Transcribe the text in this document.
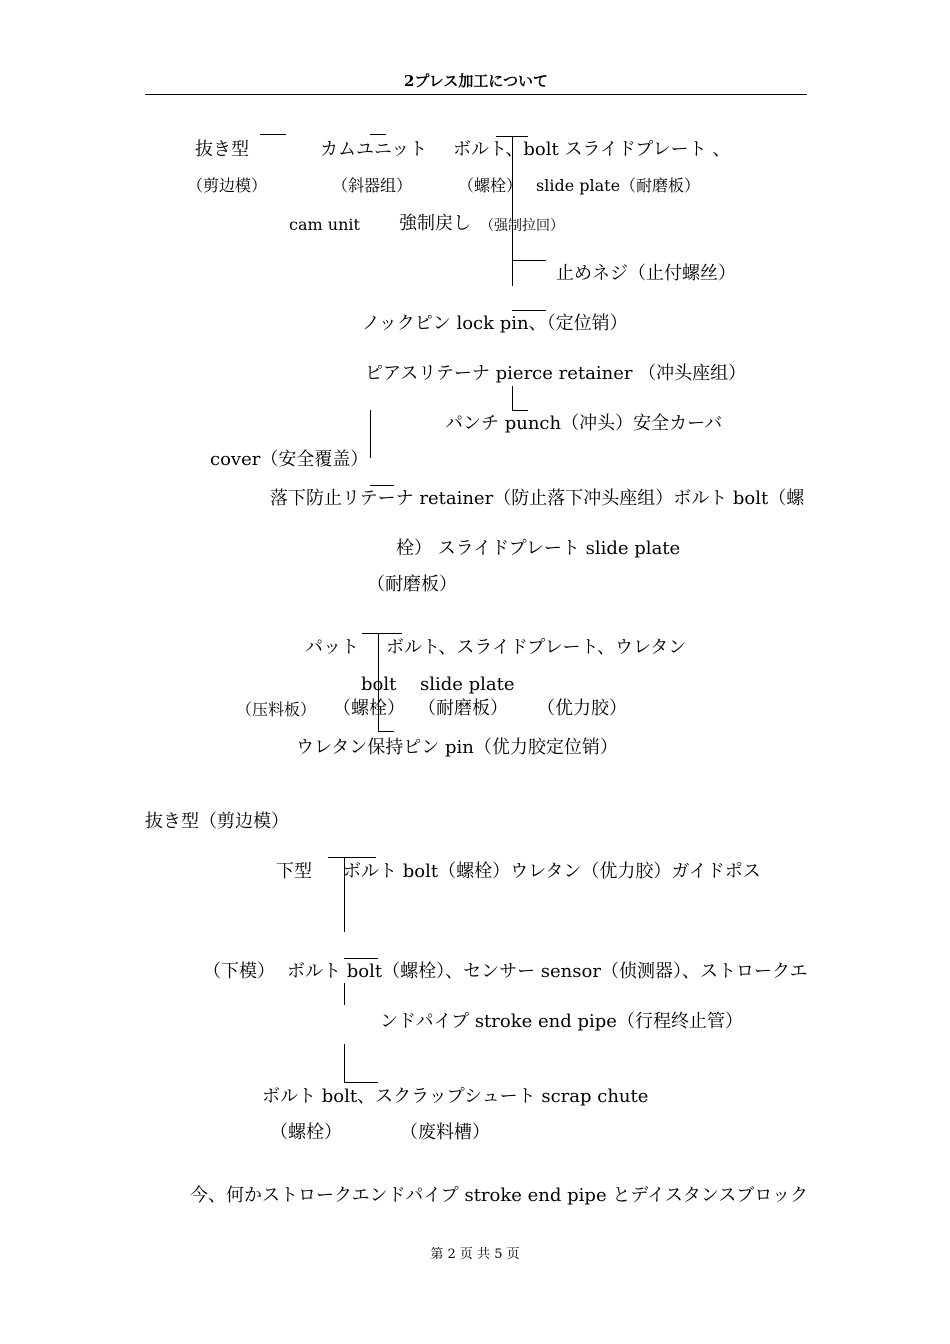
2プレス加工について
抜き型	カムユニット ボルト、bolt スライドプレート 、
（剪边模）	（斜器组）	（螺栓） slide plate（耐磨板）
cam unit 強制戻し （强制拉回）
止めネジ（止付螺丝）
ノックピン lock pin、（定位销）
ピアスリテーナ pierce retainer （冲头座组）
パンチ punch（冲头）安全カーバ
cover（安全覆盖）
落下防止リテーナ retainer（防止落下冲头座组）ボルト bolt（螺
栓） スライドプレート slide plate
（耐磨板）
パット ボルト、スライドプレート、ウレタン
bolt slide plate
（压料板） （螺栓） （耐磨板） （优力胶）
ウレタン保持ピン pin（优力胶定位销）
抜き型（剪边模）
下型 ボルト bolt（螺栓）ウレタン（优力胶）ガイドポス
（下模） ボルト bolt（螺栓）、センサー sensor（侦测器）、ストロークエ
ンドパイプ stroke end pipe（行程终止管）
ボルト bolt、スクラップシュート scrap chute
（螺栓）	（废料槽）
今、何かストロークエンドパイプ stroke end pipe とデイスタンスブロック
第 2 页 共 5 页
